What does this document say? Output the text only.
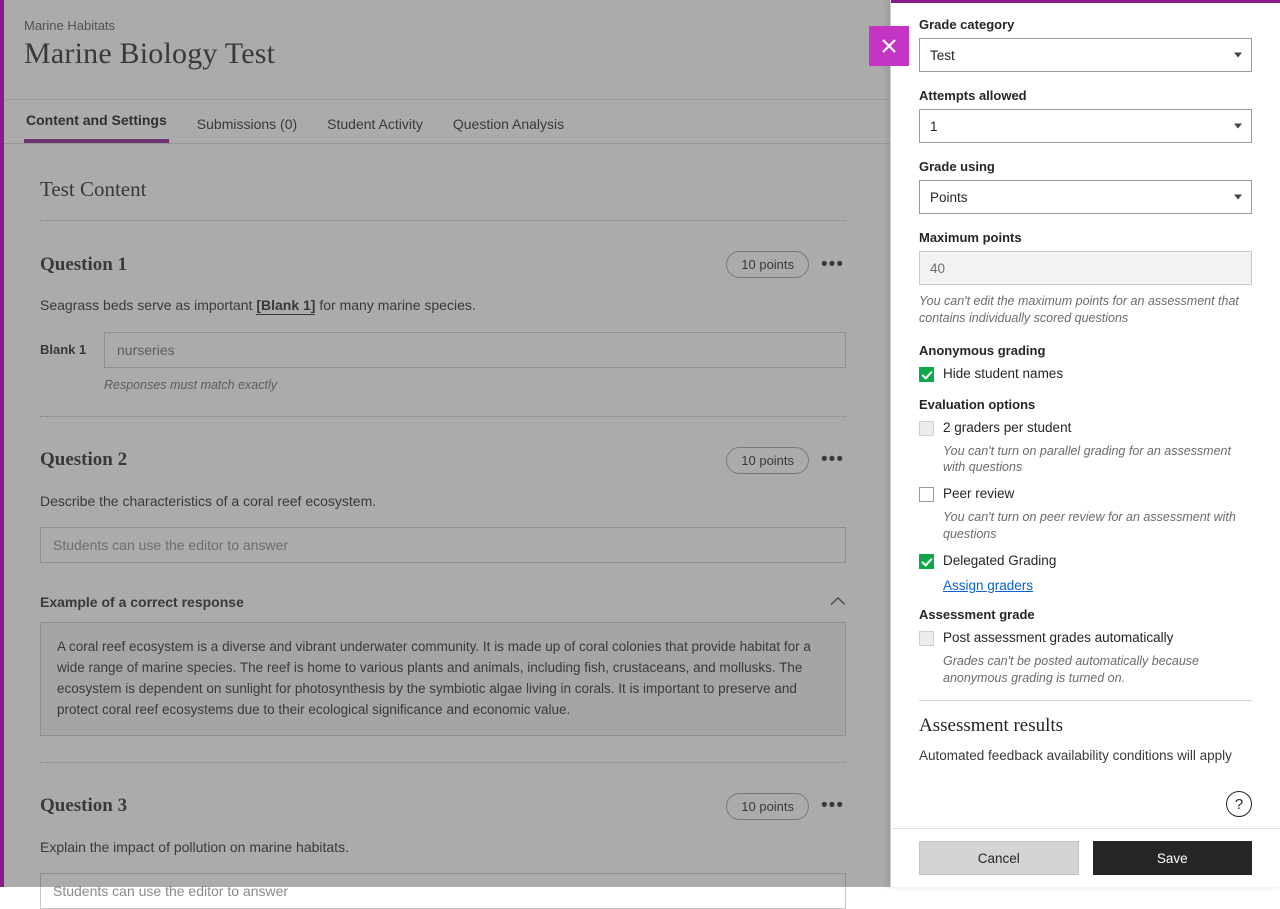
Marine Habitats
Marine Biology Test
Content and Settings Submissions (0) Student Activity Question Analysis
Test Content
Question 1	10 points	•••
Seagrass beds serve as important [Blank 1] for many marine species.
Blank 1	nurseries
Responses must match exactly
Question 2	10 points	•••
Describe the characteristics of a coral reef ecosystem.
Students can use the editor to answer
Example of a correct response
A coral reef ecosystem is a diverse and vibrant underwater community. It is made up of coral colonies that provide habitat for a wide range of marine species. The reef is home to various plants and animals, including fish, crustaceans, and mollusks. The ecosystem is dependent on sunlight for photosynthesis by the symbiotic algae living in corals. It is important to preserve and protect coral reef ecosystems due to their ecological significance and economic value.
Question 3	10 points	•••
Explain the impact of pollution on marine habitats.
Students can use the editor to answer
Grade category
Test
Attempts allowed
1
Grade using
Points
Maximum points
40
You can't edit the maximum points for an assessment that contains individually scored questions
Anonymous grading
Hide student names
Evaluation options
2 graders per student
You can't turn on parallel grading for an assessment with questions
Peer review
You can't turn on peer review for an assessment with questions
Delegated Grading
Assign graders
Assessment grade
Post assessment grades automatically
Grades can't be posted automatically because anonymous grading is turned on.
Assessment results
Automated feedback availability conditions will apply
?
Cancel	Save
